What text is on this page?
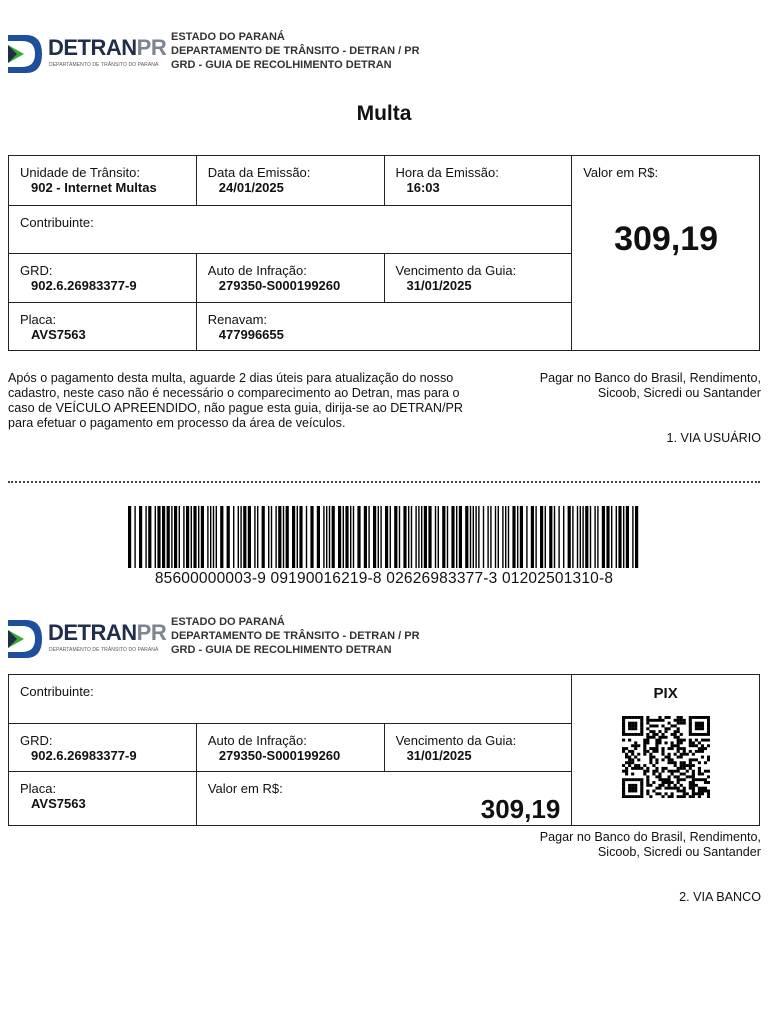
DETRANPR
DEPARTAMENTO DE TRÂNSITO DO PARANÁ
ESTADO DO PARANÁ
DEPARTAMENTO DE TRÂNSITO - DETRAN / PR
GRD - GUIA DE RECOLHIMENTO DETRAN
Multa
Unidade de Trânsito:
902 - Internet Multas	Data da Emissão:
24/01/2025	Hora da Emissão:
16:03	Valor em R$:
309,19

Contribuinte:			

GRD:
902.6.26983377-9	Auto de Infração:
279350-S000199260	Vencimento da Guia:
31/01/2025	

Placa:
AVS7563	Renavam:
477996655		
Após o pagamento desta multa, aguarde 2 dias úteis para atualização do nosso cadastro, neste caso não é necessário o comparecimento ao Detran, mas para o caso de VEÍCULO APREENDIDO, não pague esta guia, dirija-se ao DETRAN/PR para efetuar o pagamento em processo da área de veículos.
Pagar no Banco do Brasil, Rendimento,
Sicoob, Sicredi ou Santander
1. VIA USUÁRIO
85600000003-9 09190016219-8 02626983377-3 01202501310-8
DETRANPR
DEPARTAMENTO DE TRÂNSITO DO PARANÁ
ESTADO DO PARANÁ
DEPARTAMENTO DE TRÂNSITO - DETRAN / PR
GRD - GUIA DE RECOLHIMENTO DETRAN
Contribuinte:			PIX

GRD:
902.6.26983377-9	Auto de Infração:
279350-S000199260	Vencimento da Guia:
31/01/2025	

Placa:
AVS7563	Valor em R$:
309,19		
Pagar no Banco do Brasil, Rendimento,
Sicoob, Sicredi ou Santander
2. VIA BANCO
